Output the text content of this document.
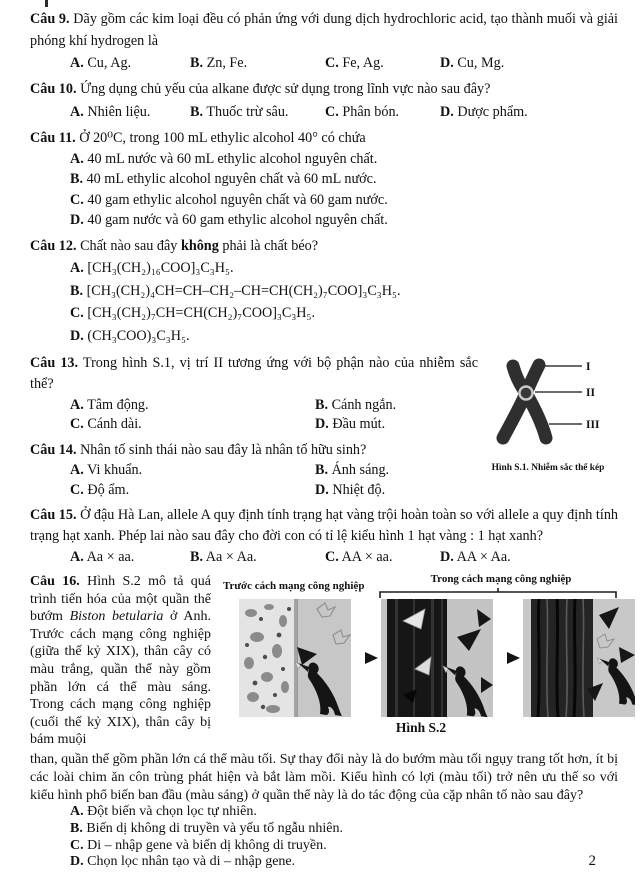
Câu 9. Dãy gồm các kim loại đều có phản ứng với dung dịch hydrochloric acid, tạo thành muối và giải phóng khí hydrogen là

A. Cu, Ag.	B. Zn, Fe.	C. Fe, Ag.	D. Cu, Mg.

Câu 10. Ứng dụng chủ yếu của alkane được sử dụng trong lĩnh vực nào sau đây?

A. Nhiên liệu.	B. Thuốc trừ sâu.	C. Phân bón.	D. Dược phẩm.

Câu 11. Ở 20⁰C, trong 100 mL ethylic alcohol 40° có chứa

A. 40 mL nước và 60 mL ethylic alcohol nguyên chất.
B. 40 mL ethylic alcohol nguyên chất và 60 mL nước.
C. 40 gam ethylic alcohol nguyên chất và 60 gam nước.
D. 40 gam nước và 60 gam ethylic alcohol nguyên chất.

Câu 12. Chất nào sau đây không phải là chất béo?

A. [CH₃(CH₂)₁₆COO]₃C₃H₅.
B. [CH₃(CH₂)₄CH=CH–CH₂–CH=CH(CH₂)₇COO]₃C₃H₅.
C. [CH₃(CH₂)₇CH=CH(CH₂)₇COO]₃C₃H₅.
D. (CH₃COO)₃C₃H₅.

Câu 13. Trong hình S.1, vị trí II tương ứng với bộ phận nào của nhiễm sắc thể?

A. Tâm động.	B. Cánh ngắn.
C. Cánh dài.	D. Đầu mút.

Câu 14. Nhân tố sinh thái nào sau đây là nhân tố hữu sinh?

A. Vi khuẩn.	B. Ánh sáng.
C. Độ ẩm.	D. Nhiệt độ.
I
II
III
Hình S.1. Nhiễm sắc thể kép

Câu 15. Ở đậu Hà Lan, allele A quy định tính trạng hạt vàng trội hoàn toàn so với allele a quy định tính trạng hạt xanh. Phép lai nào sau đây cho đời con có tỉ lệ kiểu hình 1 hạt vàng : 1 hạt xanh?

A. Aa × aa.	B. Aa × Aa.	C. AA × aa.	D. AA × Aa.
Câu 16. Hình S.2 mô tả quá trình tiến hóa của một quần thể bướm Biston betularia ở Anh. Trước cách mạng công nghiệp (giữa thế kỷ XIX), thân cây có màu trắng, quần thể này gồm phần lớn cá thể màu sáng. Trong cách mạng công nghiệp (cuối thế kỷ XIX), thân cây bị bám muội
Trước cách mạng công nghiệp
Trong cách mạng công nghiệp
Hình S.2

than, quần thể gồm phần lớn cá thể màu tối. Sự thay đổi này là do bướm màu tối ngụy trang tốt hơn, ít bị các loài chim ăn côn trùng phát hiện và bắt làm mồi. Kiểu hình có lợi (màu tối) trở nên ưu thế so với kiểu hình phổ biến ban đầu (màu sáng) ở quần thể này là do tác động của cặp nhân tố nào sau đây?

A. Đột biến và chọn lọc tự nhiên.
B. Biến dị không di truyền và yếu tố ngẫu nhiên.
C. Di – nhập gene và biến dị không di truyền.
D. Chọn lọc nhân tạo và di – nhập gene.	2
